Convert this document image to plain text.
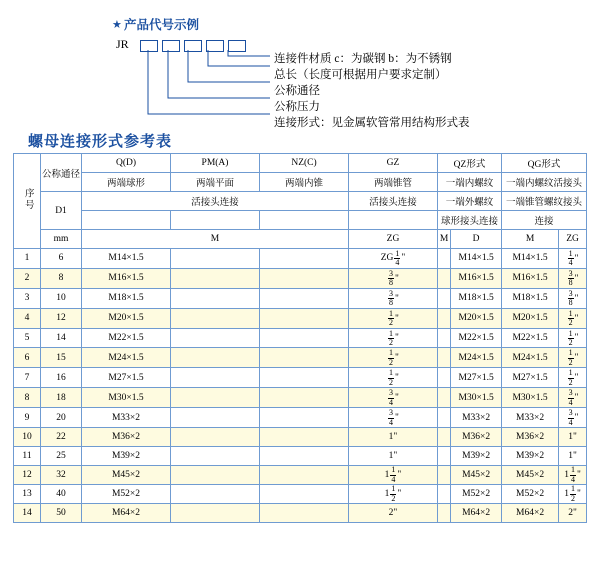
★ 产品代号示例
JR
连接件材质 c：为碳钢 b：为不锈钢
总长（长度可根据用户要求定制）
公称通径
公称压力
连接形式：见金属软管常用结构形式表
螺母连接形式参考表
序号	公称通径	Q(D)	PM(A)	NZ(C)	GZ	QZ形式		QG形式	
		两端球形	两端平面	两端内锥	两端锥管	一端内螺纹		一端内螺纹活接头	
	D1	活接头连接			活接头连接	一端外螺纹		一端锥管螺纹接头	
						球形接头连接		连接	
	mm	M			ZG	M	D	M	ZG
1	6	M14×1.5			ZG $\frac{1}{4}$ "		M14×1.5	M14×1.5	$\frac{1}{4}$ "
2	8	M16×1.5			$\frac{3}{8}$ "		M16×1.5	M16×1.5	$\frac{3}{8}$ "
3	10	M18×1.5			$\frac{3}{8}$ "		M18×1.5	M18×1.5	$\frac{3}{8}$ "
4	12	M20×1.5			$\frac{1}{2}$ "		M20×1.5	M20×1.5	$\frac{1}{2}$ "
5	14	M22×1.5			$\frac{1}{2}$ "		M22×1.5	M22×1.5	$\frac{1}{2}$ "
6	15	M24×1.5			$\frac{1}{2}$ "		M24×1.5	M24×1.5	$\frac{1}{2}$ "
7	16	M27×1.5			$\frac{1}{2}$ "		M27×1.5	M27×1.5	$\frac{1}{2}$ "
8	18	M30×1.5			$\frac{3}{4}$ "		M30×1.5	M30×1.5	$\frac{3}{4}$ "
9	20	M33×2			$\frac{3}{4}$ "		M33×2	M33×2	$\frac{3}{4}$ "
10	22	M36×2			1"		M36×2	M36×2	1"
11	25	M39×2			1"		M39×2	M39×2	1"
12	32	M45×2			$1 \frac{1}{4}$ "		M45×2	M45×2	$1 \frac{1}{4}$ "
13	40	M52×2			$1 \frac{1}{2}$ "		M52×2	M52×2	$1 \frac{1}{2}$ "
14	50	M64×2			2"		M64×2	M64×2	2"
